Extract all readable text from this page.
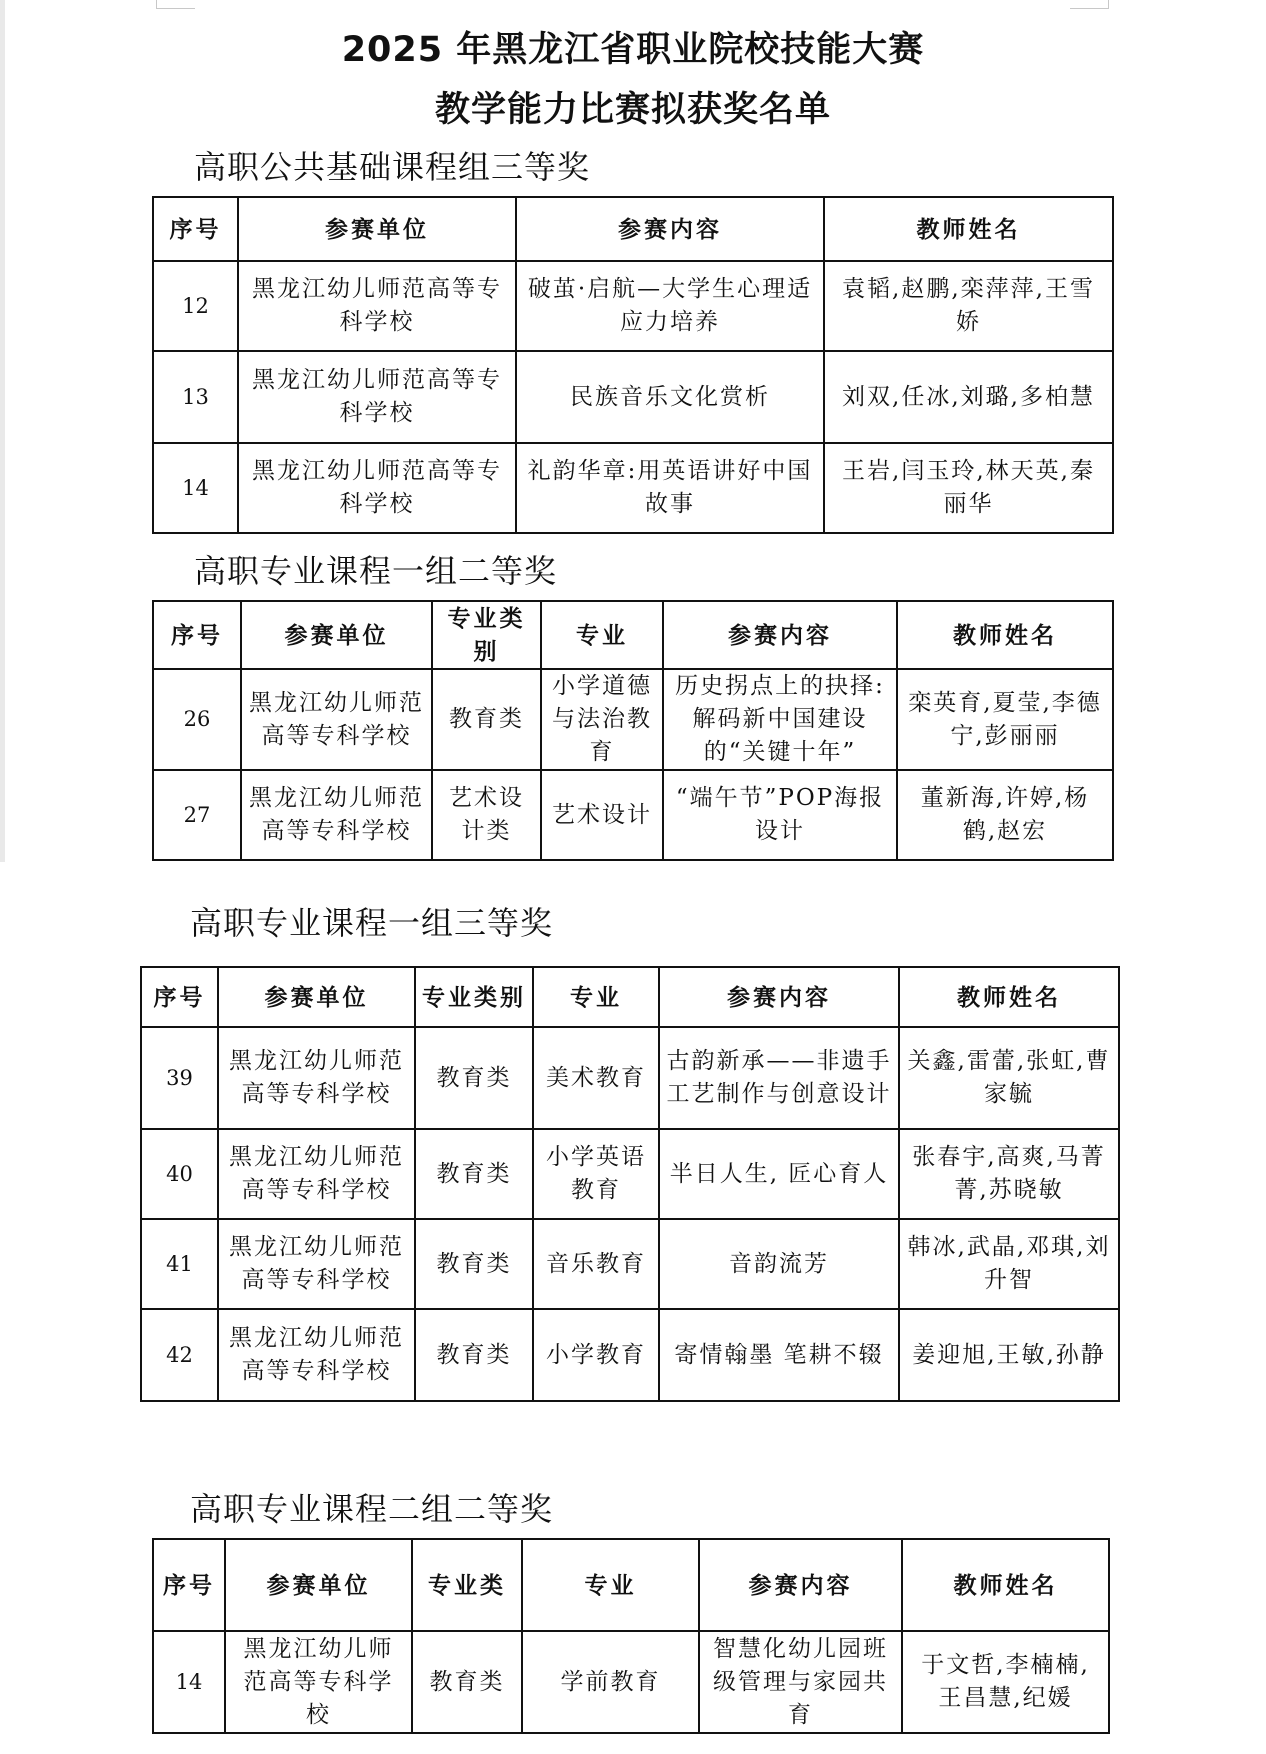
2025 年黑龙江省职业院校技能大赛
教学能力比赛拟获奖名单
高职公共基础课程组三等奖
序号	参赛单位	参赛内容	教师姓名
12	黑龙江幼儿师范高等专科学校	破茧·启航—大学生心理适应力培养	袁韬,赵鹏,栾萍萍,王雪娇
13	黑龙江幼儿师范高等专科学校	民族音乐文化赏析	刘双,任冰,刘璐,多柏慧
14	黑龙江幼儿师范高等专科学校	礼韵华章:用英语讲好中国故事	王岩,闫玉玲,林天英,秦丽华
高职专业课程一组二等奖
序号	参赛单位	专业类别	专业	参赛内容	教师姓名
26	黑龙江幼儿师范高等专科学校	教育类	小学道德与法治教育	历史拐点上的抉择:解码新中国建设的“关键十年”	栾英育,夏莹,李德宁,彭丽丽
27	黑龙江幼儿师范高等专科学校	艺术设计类	艺术设计	“端午节”POP海报设计	董新海,许婷,杨鹤,赵宏
高职专业课程一组三等奖
序号	参赛单位	专业类别	专业	参赛内容	教师姓名
39	黑龙江幼儿师范高等专科学校	教育类	美术教育	古韵新承——非遗手工艺制作与创意设计	关鑫,雷蕾,张虹,曹家毓
40	黑龙江幼儿师范高等专科学校	教育类	小学英语教育	半日人生, 匠心育人	张春宇,高爽,马菁菁,苏晓敏
41	黑龙江幼儿师范高等专科学校	教育类	音乐教育	音韵流芳	韩冰,武晶,邓琪,刘升智
42	黑龙江幼儿师范高等专科学校	教育类	小学教育	寄情翰墨 笔耕不辍	姜迎旭,王敏,孙静
高职专业课程二组二等奖
序号	参赛单位	专业类	专业	参赛内容	教师姓名
14	黑龙江幼儿师范高等专科学校	教育类	学前教育	智慧化幼儿园班级管理与家园共育	于文哲,李楠楠,王昌慧,纪媛
